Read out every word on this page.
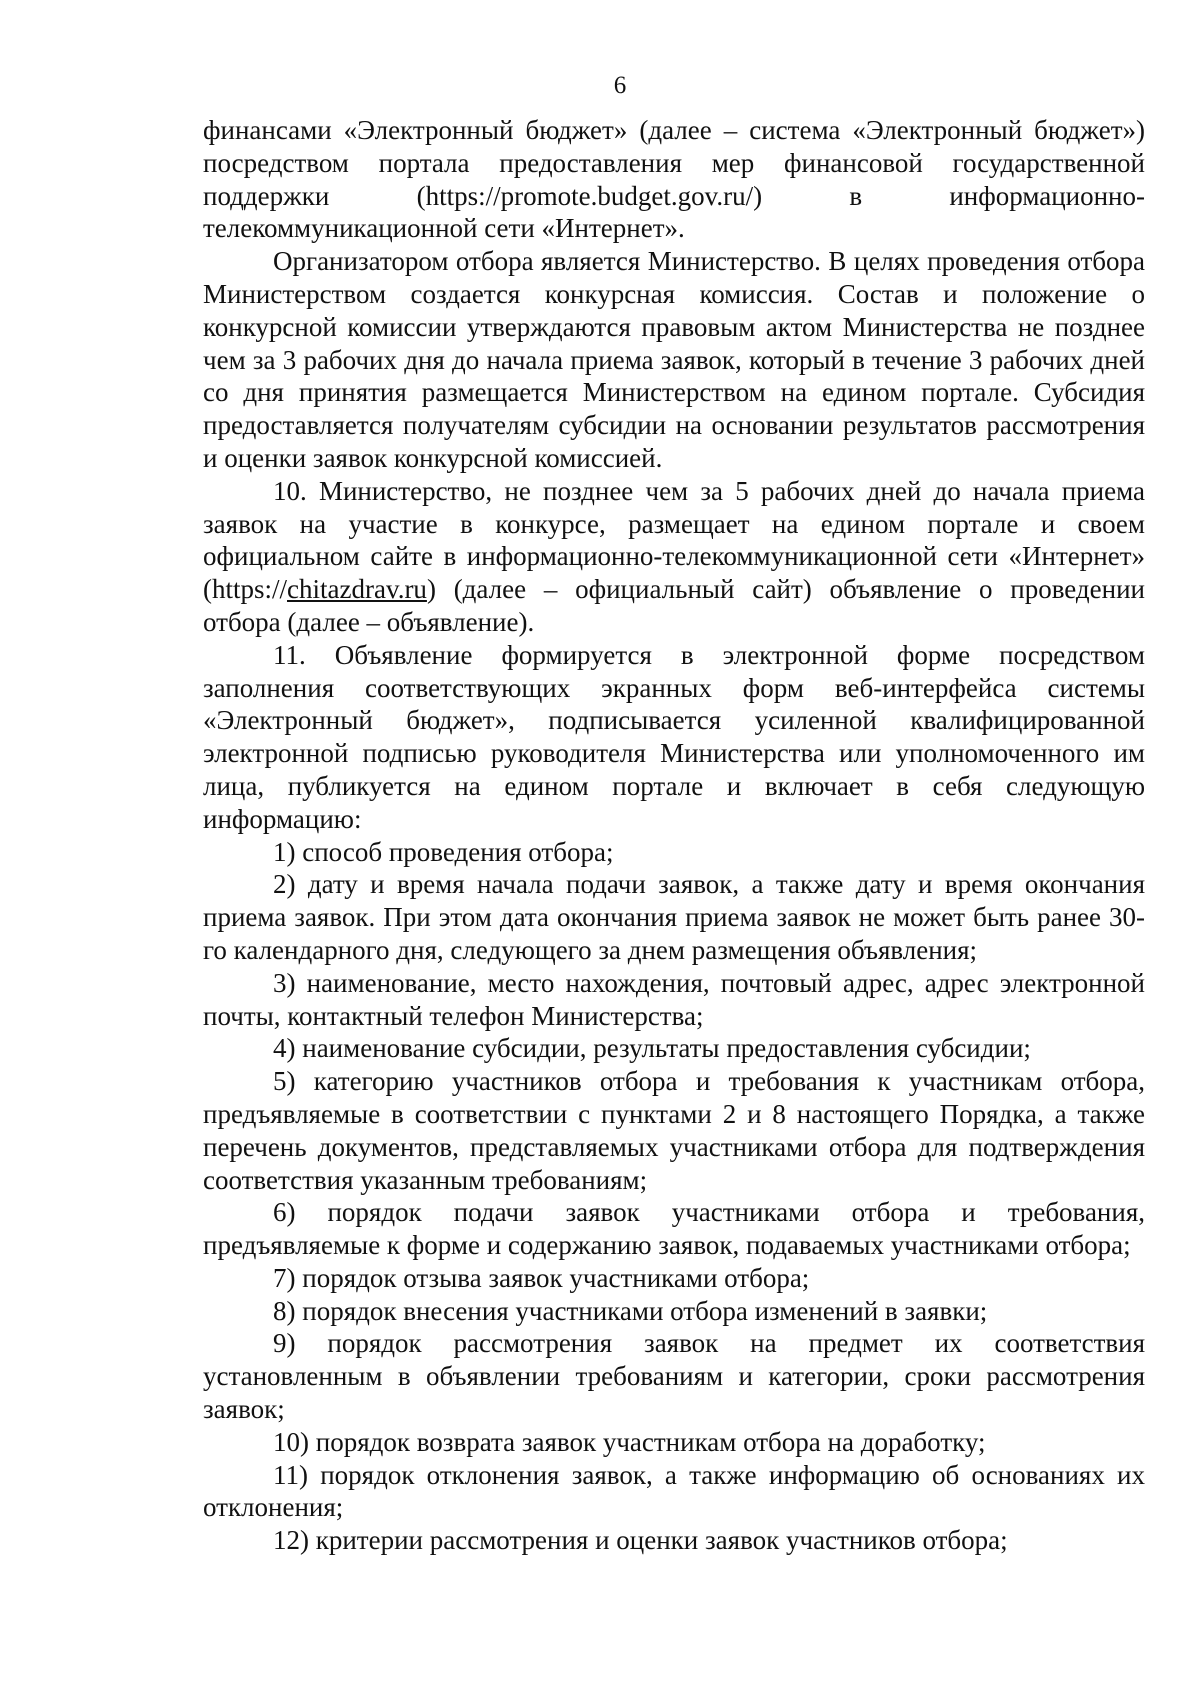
6

финансами «Электронный бюджет» (далее – система «Электронный бюджет») посредством портала предоставления мер финансовой государственной поддержки (https://promote.budget.gov.ru/) в информационно-телекоммуникационной сети «Интернет».

Организатором отбора является Министерство. В целях проведения отбора Министерством создается конкурсная комиссия. Состав и положение о конкурсной комиссии утверждаются правовым актом Министерства не позднее чем за 3 рабочих дня до начала приема заявок, который в течение 3 рабочих дней со дня принятия размещается Министерством на едином портале. Субсидия предоставляется получателям субсидии на основании результатов рассмотрения и оценки заявок конкурсной комиссией.

10. Министерство, не позднее чем за 5 рабочих дней до начала приема заявок на участие в конкурсе, размещает на едином портале и своем официальном сайте в информационно-телекоммуникационной сети «Интернет» (https://chitazdrav.ru) (далее – официальный сайт) объявление о проведении отбора (далее – объявление).

11. Объявление формируется в электронной форме посредством заполнения соответствующих экранных форм веб-интерфейса системы «Электронный бюджет», подписывается усиленной квалифицированной электронной подписью руководителя Министерства или уполномоченного им лица, публикуется на едином портале и включает в себя следующую информацию:

1) способ проведения отбора;

2) дату и время начала подачи заявок, а также дату и время окончания приема заявок. При этом дата окончания приема заявок не может быть ранее 30-го календарного дня, следующего за днем размещения объявления;

3) наименование, место нахождения, почтовый адрес, адрес электронной почты, контактный телефон Министерства;

4) наименование субсидии, результаты предоставления субсидии;

5) категорию участников отбора и требования к участникам отбора, предъявляемые в соответствии с пунктами 2 и 8 настоящего Порядка, а также перечень документов, представляемых участниками отбора для подтверждения соответствия указанным требованиям;

6) порядок подачи заявок участниками отбора и требования, предъявляемые к форме и содержанию заявок, подаваемых участниками отбора;

7) порядок отзыва заявок участниками отбора;

8) порядок внесения участниками отбора изменений в заявки;

9) порядок рассмотрения заявок на предмет их соответствия установленным в объявлении требованиям и категории, сроки рассмотрения заявок;

10) порядок возврата заявок участникам отбора на доработку;

11) порядок отклонения заявок, а также информацию об основаниях их отклонения;

12) критерии рассмотрения и оценки заявок участников отбора;
